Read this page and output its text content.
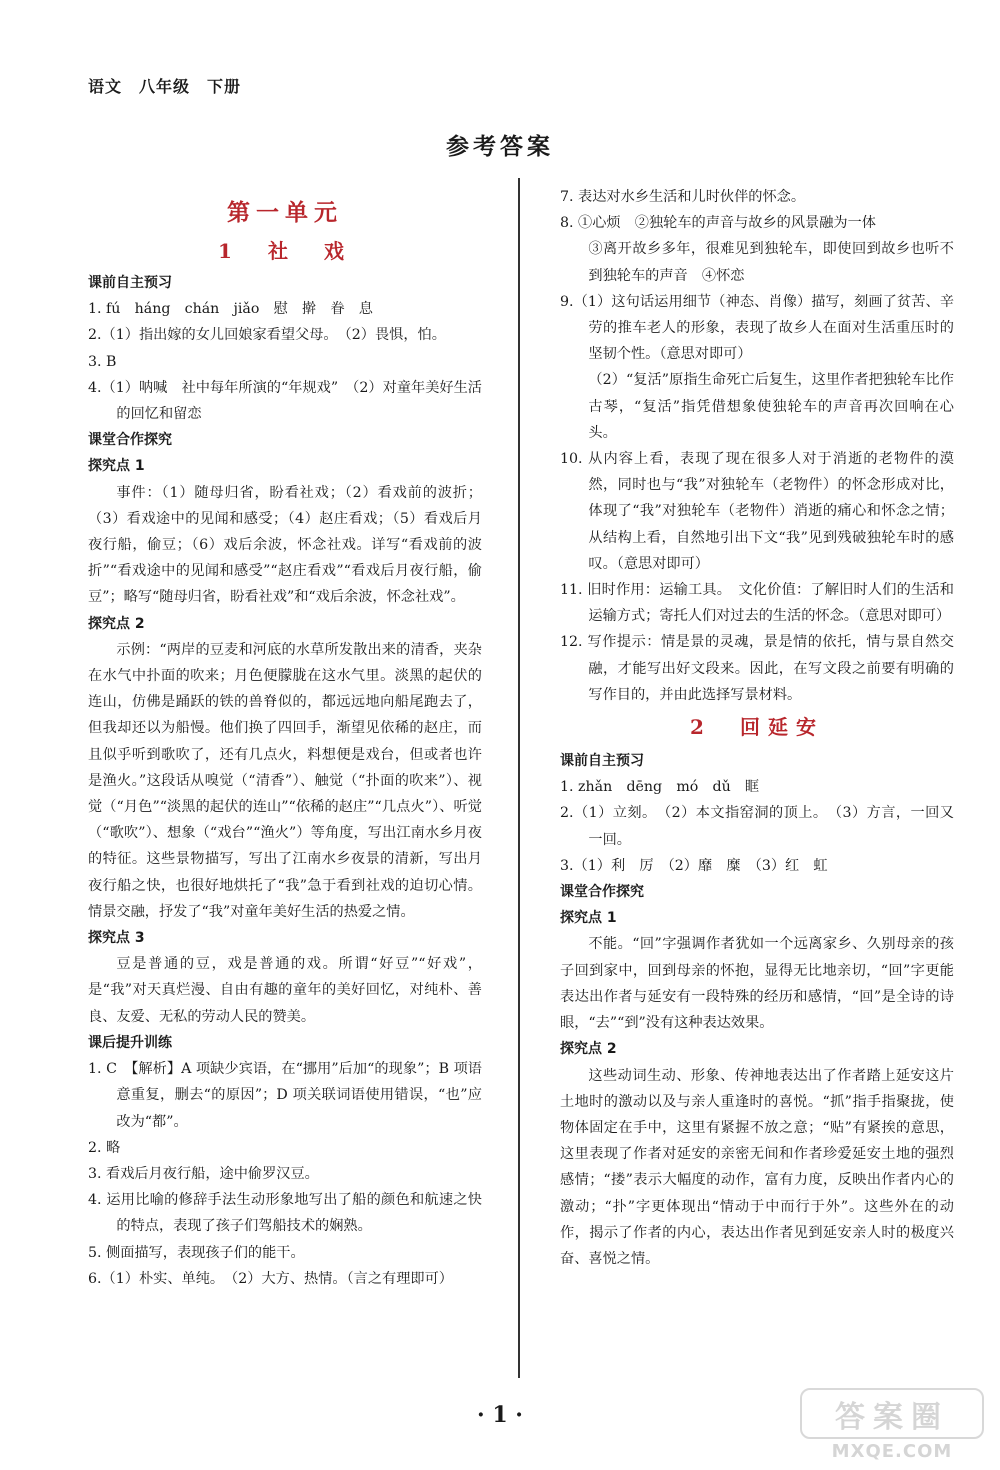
语文　八年级　下册
参考答案
第一单元
1　社　戏
课前自主预习
1. fú　háng　chán　jiǎo　慰　擀　眷　息
2.（1）指出嫁的女儿回娘家看望父母。　（2）畏惧，怕。
3. B
4.（1）呐喊　社中每年所演的“年规戏”　（2）对童年美好生活的回忆和留恋
课堂合作探究
探究点 1
事件：（1）随母归省，盼看社戏；（2）看戏前的波折；（3）看戏途中的见闻和感受；（4）赵庄看戏；（5）看戏后月夜行船，偷豆；（6）戏后余波，怀念社戏。详写“看戏前的波折”“看戏途中的见闻和感受”“赵庄看戏”“看戏后月夜行船，偷豆”；略写“随母归省，盼看社戏”和“戏后余波，怀念社戏”。
探究点 2
示例：“两岸的豆麦和河底的水草所发散出来的清香，夹杂在水气中扑面的吹来；月色便朦胧在这水气里。淡黑的起伏的连山，仿佛是踊跃的铁的兽脊似的，都远远地向船尾跑去了，但我却还以为船慢。他们换了四回手，渐望见依稀的赵庄，而且似乎听到歌吹了，还有几点火，料想便是戏台，但或者也许是渔火。”这段话从嗅觉（“清香”）、触觉（“扑面的吹来”）、视觉（“月色”“淡黑的起伏的连山”“依稀的赵庄”“几点火”）、听觉（“歌吹”）、想象（“戏台”“渔火”）等角度，写出江南水乡月夜的特征。这些景物描写，写出了江南水乡夜景的清新，写出月夜行船之快，也很好地烘托了“我”急于看到社戏的迫切心情。情景交融，抒发了“我”对童年美好生活的热爱之情。
探究点 3
豆是普通的豆，戏是普通的戏。所谓“好豆”“好戏”，是“我”对天真烂漫、自由有趣的童年的美好回忆，对纯朴、善良、友爱、无私的劳动人民的赞美。
课后提升训练
1. C　【解析】A 项缺少宾语，在“挪用”后加“的现象”；B 项语意重复，删去“的原因”；D 项关联词语使用错误，“也”应改为“都”。
2. 略
3. 看戏后月夜行船，途中偷罗汉豆。
4. 运用比喻的修辞手法生动形象地写出了船的颜色和航速之快的特点，表现了孩子们驾船技术的娴熟。
5. 侧面描写，表现孩子们的能干。
6.（1）朴实、单纯。　（2）大方、热情。（言之有理即可）
7. 表达对水乡生活和儿时伙伴的怀念。
8. ①心烦　②独轮车的声音与故乡的风景融为一体
③离开故乡多年，很难见到独轮车，即使回到故乡也听不到独轮车的声音　④怀恋
9.（1）这句话运用细节（神态、肖像）描写，刻画了贫苦、辛劳的推车老人的形象，表现了故乡人在面对生活重压时的坚韧个性。（意思对即可）
（2）“复活”原指生命死亡后复生，这里作者把独轮车比作古琴，“复活”指凭借想象使独轮车的声音再次回响在心头。
10. 从内容上看，表现了现在很多人对于消逝的老物件的漠然，同时也与“我”对独轮车（老物件）的怀念形成对比，体现了“我”对独轮车（老物件）消逝的痛心和怀念之情；从结构上看，自然地引出下文“我”见到残破独轮车时的感叹。（意思对即可）
11. 旧时作用：运输工具。　文化价值：了解旧时人们的生活和运输方式；寄托人们对过去的生活的怀念。（意思对即可）
12. 写作提示：情是景的灵魂，景是情的依托，情与景自然交融，才能写出好文段来。因此，在写文段之前要有明确的写作目的，并由此选择写景材料。
2　回延安
课前自主预习
1. zhǎn　dēng　mó　dǔ　眶
2.（1）立刻。　（2）本文指窑洞的顶上。　（3）方言，一回又一回。
3.（1）利　厉　（2）靡　糜　（3）红　虹
课堂合作探究
探究点 1
不能。“回”字强调作者犹如一个远离家乡、久别母亲的孩子回到家中，回到母亲的怀抱，显得无比地亲切，“回”字更能表达出作者与延安有一段特殊的经历和感情，“回”是全诗的诗眼，“去”“到”没有这种表达效果。
探究点 2
这些动词生动、形象、传神地表达出了作者踏上延安这片土地时的激动以及与亲人重逢时的喜悦。“抓”指手指聚拢，使物体固定在手中，这里有紧握不放之意；“贴”有紧挨的意思，这里表现了作者对延安的亲密无间和作者珍爱延安土地的强烈感情；“搂”表示大幅度的动作，富有力度，反映出作者内心的激动；“扑”字更体现出“情动于中而行于外”。这些外在的动作，揭示了作者的内心，表达出作者见到延安亲人时的极度兴奋、喜悦之情。
· 1 ·	答案圈
MXQE.COM
